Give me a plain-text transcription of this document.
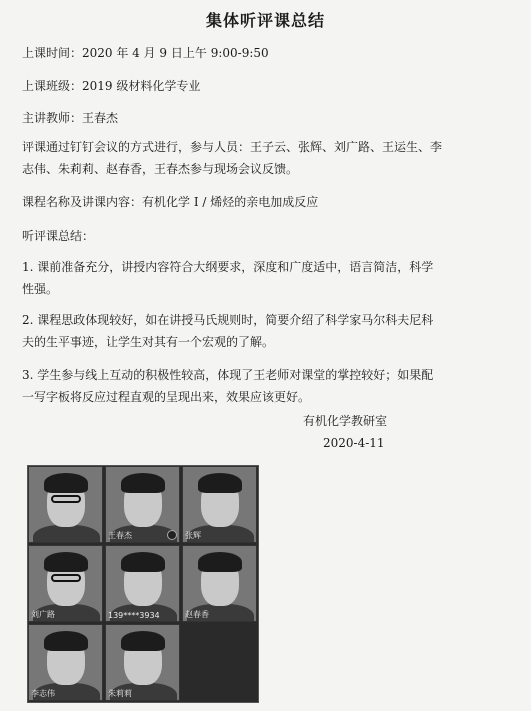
集体听评课总结
上课时间：2020 年 4 月 9 日上午 9:00-9:50
上课班级：2019 级材料化学专业
主讲教师：王春杰
评课通过钉钉会议的方式进行，参与人员：王子云、张辉、刘广路、王运生、李
志伟、朱莉莉、赵春香，王春杰参与现场会议反馈。
课程名称及讲课内容：有机化学 I / 烯烃的亲电加成反应
听评课总结：
1. 课前准备充分，讲授内容符合大纲要求，深度和广度适中，语言简洁，科学
性强。
2. 课程思政体现较好，如在讲授马氏规则时，简要介绍了科学家马尔科夫尼科
夫的生平事迹，让学生对其有一个宏观的了解。
3. 学生参与线上互动的积极性较高，体现了王老师对课堂的掌控较好；如果配
一写字板将反应过程直观的呈现出来，效果应该更好。
有机化学教研室
2020-4-11
王春杰	张辉
刘广路	139****3934	赵春香
李志伟	朱莉莉
